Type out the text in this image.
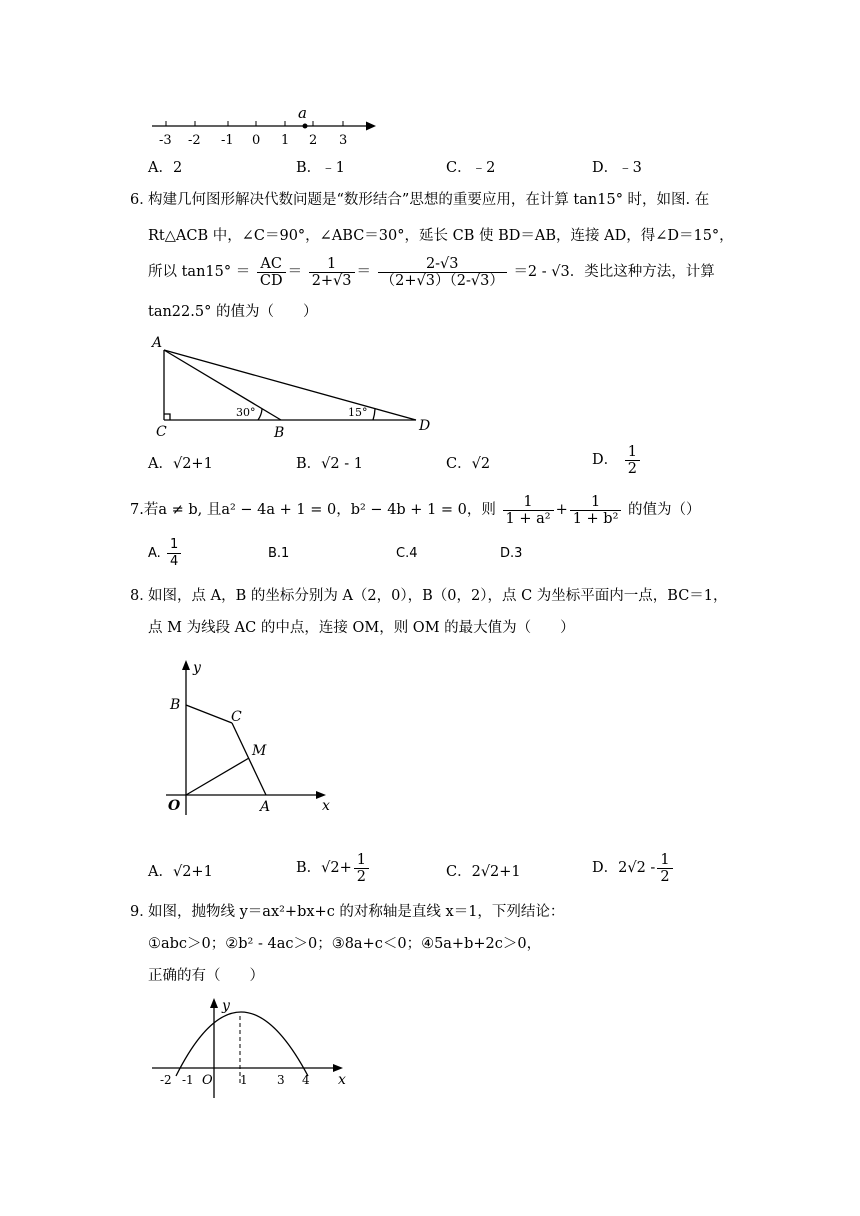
a
-3 -2 -1 0 1 2 3
A．2	B．﹣1	C．﹣2	D．﹣3
6．
构建几何图形解决代数问题是“数形结合”思想的重要应用，在计算 tan15° 时，如图. 在
Rt△ACB 中，∠C＝90°，∠ABC＝30°，延长 CB 使 BD＝AB，连接 AD，得∠D＝15°，
所以 $\tan 15^\circ = \frac{AC}{CD} = \frac{1}{2+√3} = \frac{2-√3}{(2+√3)(2-√3)} =2 - √3$．类比这种方法，计算
tan22.5° 的值为（　　）
A
C	B	D
30°	15°
A．√2+1	B．√2 - 1	C．√2	D． $\frac{1}{2}$
7.若a ≠ b, 且a² − 4a + 1 = 0，b² − 4b + 1 = 0，则 $\frac{1}{\text{1 + a²}} + \frac{1}{\text{1 + b²}}$ 的值为（）
A. $\frac{1}{4}$	B.1	C.4	D.3
8．
如图，点 A，B 的坐标分别为 A（2，0），B（0，2），点 C 为坐标平面内一点，BC＝1，
点 M 为线段 AC 的中点，连接 OM，则 OM 的最大值为（　　）
y
x
O	A
B
C
M
A．√2+1	B．$√2+ \frac{1}{2}$	C．2√2+1	D．$2√2 - \frac{1}{2}$
9．
如图，抛物线 y＝ax²+bx+c 的对称轴是直线 x＝1，下列结论：
①abc＞0；②b² - 4ac＞0；③8a+c＜0；④5a+b+2c＞0，
正确的有（　　）
y
x
O
-2 -1	1 3 4
